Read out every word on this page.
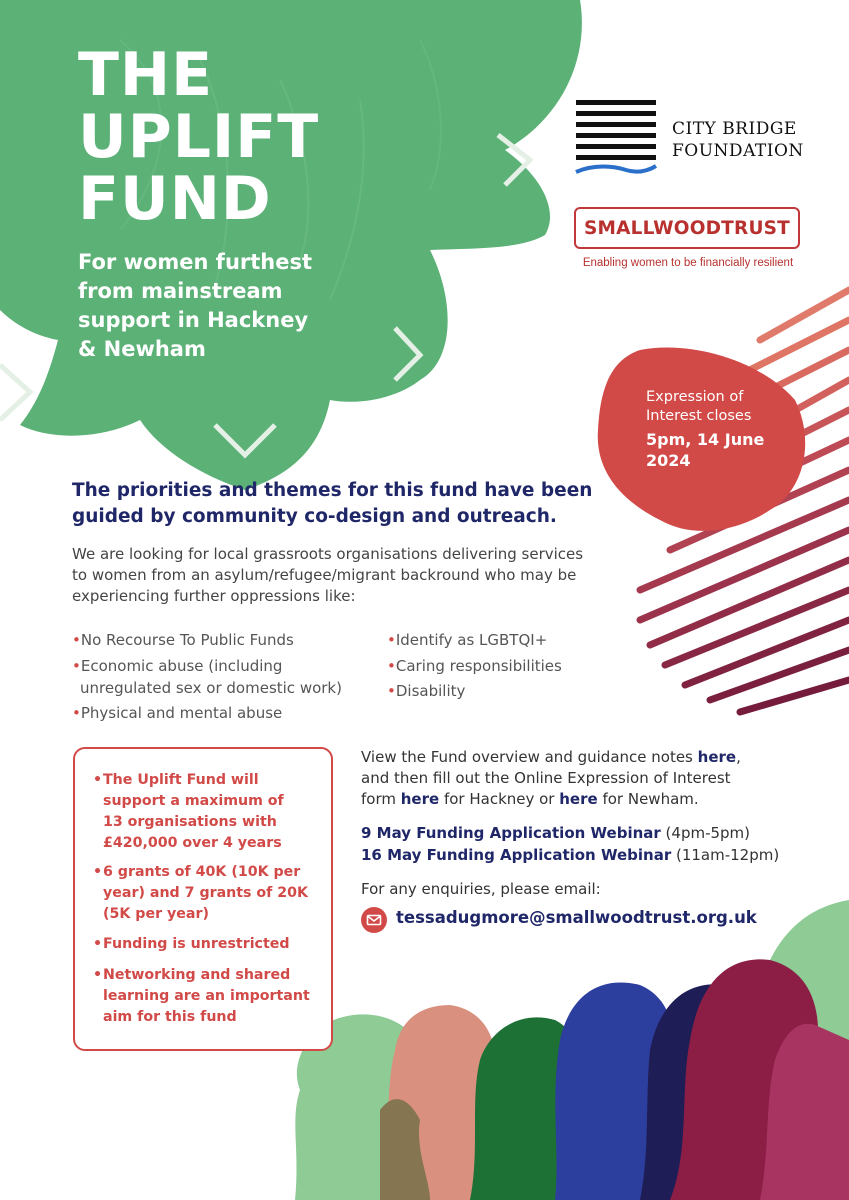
THE
UPLIFT
FUND
For women furthest
from mainstream
support in Hackney
& Newham
CITY BRIDGE
FOUNDATION
SMALLWOODTRUST
Enabling women to be financially resilient
Expression of
Interest closes
5pm, 14 June
2024
The priorities and themes for this fund have been
guided by community co-design and outreach.
We are looking for local grassroots organisations delivering services
to women from an asylum/refugee/migrant backround who may be
experiencing further oppressions like:
•No Recourse To Public Funds
•Economic abuse (including
unregulated sex or domestic work)
•Physical and mental abuse
•Identify as LGBTQI+
•Caring responsibilities
•Disability
• The Uplift Fund will
support a maximum of
13 organisations with
£420,000 over 4 years
• 6 grants of 40K (10K per
year) and 7 grants of 20K
(5K per year)
• Funding is unrestricted
• Networking and shared
learning are an important
aim for this fund
View the Fund overview and guidance notes here,
and then fill out the Online Expression of Interest
form here for Hackney or here for Newham.
9 May Funding Application Webinar (4pm-5pm)
16 May Funding Application Webinar (11am-12pm)
For any enquiries, please email:
tessadugmore@smallwoodtrust.org.uk
